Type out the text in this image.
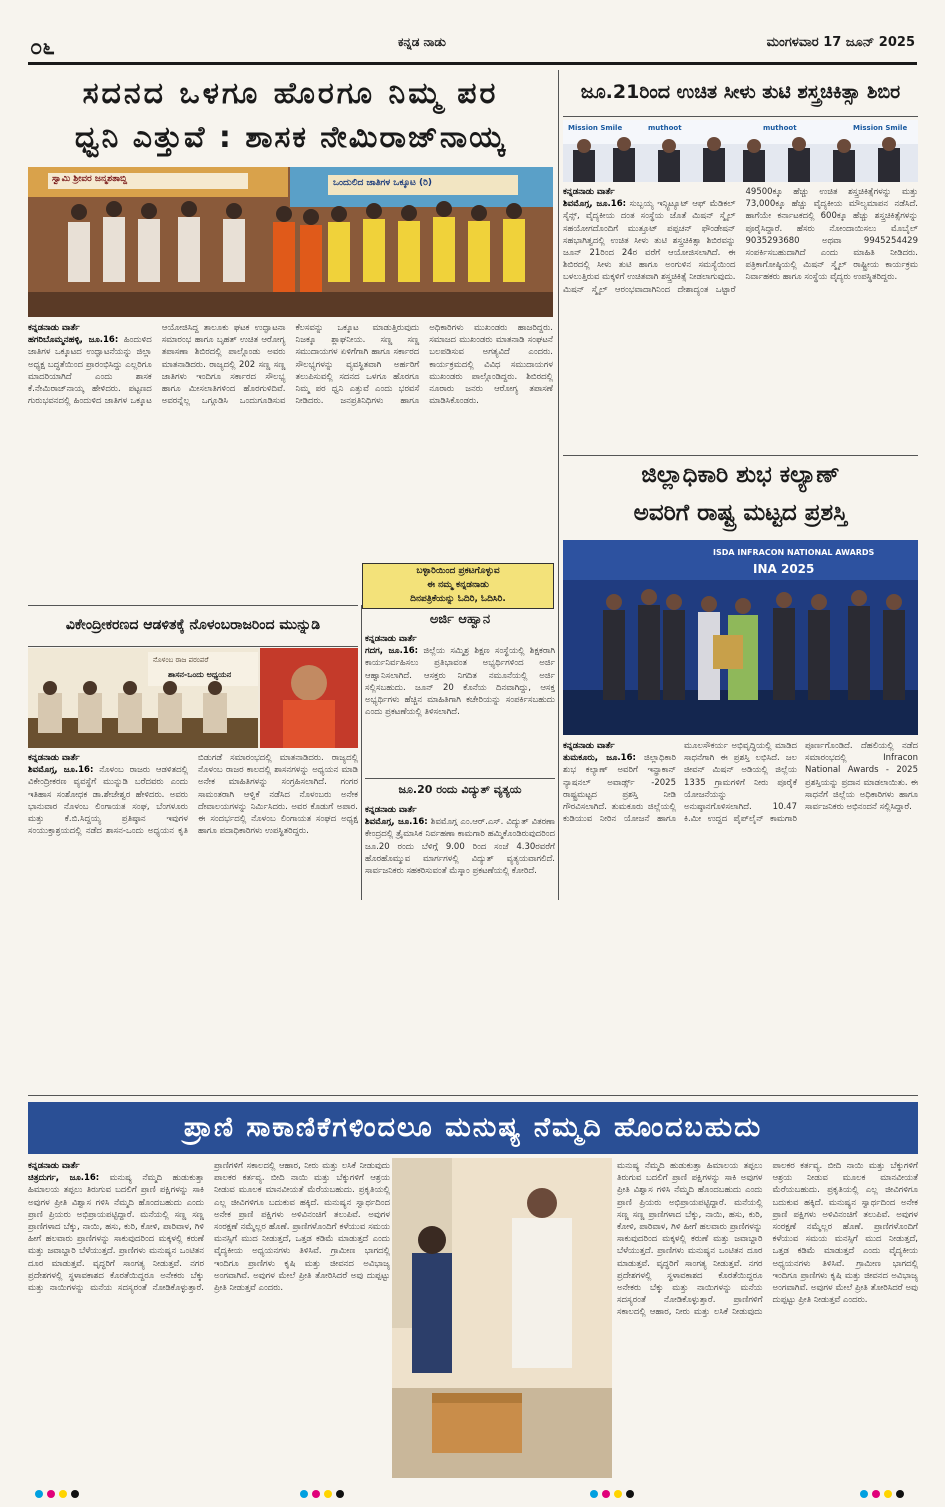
೦೬	ಕನ್ನಡ ನಾಡು	ಮಂಗಳವಾರ 17 ಜೂನ್ 2025
ಸದನದ ಒಳಗೂ ಹೊರಗೂ ನಿಮ್ಮ ಪರ
ಧ್ವನಿ ಎತ್ತುವೆ : ಶಾಸಕ ನೇಮಿರಾಜ್‌ನಾಯ್ಕ
ಸ್ವಾಮಿ ಶ್ರೀವರ ಜನ್ಮಶತಾಬ್ದಿ	ಒಂದುಲಿದ ಜಾತಿಗಳ ಒಕ್ಕೂಟ (ರಿ)
ಕನ್ನಡನಾಡು ವಾರ್ತೆ
ಹಗರಿಬೊಮ್ಮನಹಳ್ಳಿ, ಜೂ.16: ಹಿಂದುಳಿದ ಜಾತಿಗಳ ಒಕ್ಕೂಟದ ಉದ್ಘಾಟನೆಯನ್ನು ಜಿಲ್ಲಾ ಅಧ್ಯಕ್ಷ ಬದ್ಧತೆಯಿಂದ ಪ್ರಾರಂಭಿಸಿದ್ದು ಎಲ್ಲರಿಗೂ ಮಾದರಿಯಾಗಿದೆ ಎಂದು ಶಾಸಕ ಕೆ.ನೇಮಿರಾಜ್‌ನಾಯ್ಕ ಹೇಳಿದರು. ಪಟ್ಟಣದ ಗುರುಭವನದಲ್ಲಿ ಹಿಂದುಳಿದ ಜಾತಿಗಳ ಒಕ್ಕೂಟ ಆಯೋಜಿಸಿದ್ದ ತಾಲೂಕು ಘಟಕ ಉದ್ಘಾಟನಾ ಸಮಾರಂಭ ಹಾಗೂ ಬೃಹತ್ ಉಚಿತ ಆರೋಗ್ಯ ತಪಾಸಣಾ ಶಿಬಿರದಲ್ಲಿ ಪಾಲ್ಗೊಂಡು ಅವರು ಮಾತನಾಡಿದರು. ರಾಜ್ಯದಲ್ಲಿ 202 ಸಣ್ಣ ಸಣ್ಣ ಜಾತಿಗಳು ಇಂದಿಗೂ ಸರ್ಕಾರದ ಸೌಲಭ್ಯ ಹಾಗೂ ಮೀಸಲಾತಿಗಳಿಂದ ಹೊರಗುಳಿದಿವೆ. ಅವರನ್ನೆಲ್ಲ ಒಗ್ಗೂಡಿಸಿ ಒಂದುಗೂಡಿಸುವ ಕೆಲಸವನ್ನು ಒಕ್ಕೂಟ ಮಾಡುತ್ತಿರುವುದು ನಿಜಕ್ಕೂ ಶ್ಲಾಘನೀಯ. ಸಣ್ಣ ಸಣ್ಣ ಸಮುದಾಯಗಳ ಏಳಿಗೆಗಾಗಿ ಹಾಗೂ ಸರ್ಕಾರದ ಸೌಲಭ್ಯಗಳನ್ನು ವ್ಯವಸ್ಥಿತವಾಗಿ ಅರ್ಹರಿಗೆ ತಲುಪಿಸುವಲ್ಲಿ ಸದನದ ಒಳಗೂ ಹೊರಗೂ ನಿಮ್ಮ ಪರ ಧ್ವನಿ ಎತ್ತುವೆ ಎಂದು ಭರವಸೆ ನೀಡಿದರು. ಜನಪ್ರತಿನಿಧಿಗಳು ಹಾಗೂ ಅಧಿಕಾರಿಗಳು ಮುಖಂಡರು ಹಾಜರಿದ್ದರು. ಸಮಾಜದ ಮುಖಂಡರು ಮಾತನಾಡಿ ಸಂಘಟನೆ ಬಲಪಡಿಸುವ ಅಗತ್ಯವಿದೆ ಎಂದರು. ಕಾರ್ಯಕ್ರಮದಲ್ಲಿ ವಿವಿಧ ಸಮುದಾಯಗಳ ಮುಖಂಡರು ಪಾಲ್ಗೊಂಡಿದ್ದರು. ಶಿಬಿರದಲ್ಲಿ ನೂರಾರು ಜನರು ಆರೋಗ್ಯ ತಪಾಸಣೆ ಮಾಡಿಸಿಕೊಂಡರು.
ಜೂ.21ರಿಂದ ಉಚಿತ ಸೀಳು ತುಟಿ ಶಸ್ತ್ರಚಿಕಿತ್ಸಾ ಶಿಬಿರ
Mission Smile	muthoot	muthoot	Mission Smile
ಕನ್ನಡನಾಡು ವಾರ್ತೆ
ಶಿವಮೊಗ್ಗ, ಜೂ.16: ಸುಬ್ಬಯ್ಯ ಇನ್ಸ್ಟಿಟ್ಯೂಟ್ ಆಫ್ ಮೆಡಿಕಲ್ ಸೈನ್ಸ್, ವೈದ್ಯಕೀಯ ದಂತ ಸಂಸ್ಥೆಯ ಜೊತೆ ಮಿಷನ್ ಸ್ಮೈಲ್ ಸಹಯೋಗದೊಂದಿಗೆ ಮುತ್ತೂಟ್ ಪಪ್ಪಚನ್ ಫೌಂಡೇಷನ್ ಸಹಭಾಗಿತ್ವದಲ್ಲಿ ಉಚಿತ ಸೀಳು ತುಟಿ ಶಸ್ತ್ರಚಿಕಿತ್ಸಾ ಶಿಬಿರವನ್ನು ಜೂನ್ 21ರಿಂದ 24ರ ವರೆಗೆ ಆಯೋಜಿಸಲಾಗಿದೆ. ಈ ಶಿಬಿರದಲ್ಲಿ ಸೀಳು ತುಟಿ ಹಾಗೂ ಅಂಗುಳಿನ ಸಮಸ್ಯೆಯಿಂದ ಬಳಲುತ್ತಿರುವ ಮಕ್ಕಳಿಗೆ ಉಚಿತವಾಗಿ ಶಸ್ತ್ರಚಿಕಿತ್ಸೆ ನೀಡಲಾಗುವುದು. ಮಿಷನ್ ಸ್ಮೈಲ್ ಆರಂಭವಾದಾಗಿನಿಂದ ದೇಶಾದ್ಯಂತ ಒಟ್ಟಾರೆ 49500ಕ್ಕೂ ಹೆಚ್ಚು ಉಚಿತ ಶಸ್ತ್ರಚಿಕಿತ್ಸೆಗಳನ್ನು ಮತ್ತು 73,000ಕ್ಕೂ ಹೆಚ್ಚು ವೈದ್ಯಕೀಯ ಮೌಲ್ಯಮಾಪನ ನಡೆಸಿದೆ. ಹಾಗೆಯೇ ಕರ್ನಾಟಕದಲ್ಲಿ 600ಕ್ಕೂ ಹೆಚ್ಚು ಶಸ್ತ್ರಚಿಕಿತ್ಸೆಗಳನ್ನು ಪೂರೈಸಿದ್ದಾರೆ. ಹೆಸರು ನೋಂದಾಯಿಸಲು ಮೊಬೈಲ್ 9035293680 ಅಥವಾ 9945254429 ಸಂಪರ್ಕಿಸಬಹುದಾಗಿದೆ ಎಂದು ಮಾಹಿತಿ ನೀಡಿದರು. ಪತ್ರಿಕಾಗೋಷ್ಠಿಯಲ್ಲಿ ಮಿಷನ್ ಸ್ಮೈಲ್ ರಾಷ್ಟ್ರೀಯ ಕಾರ್ಯಕ್ರಮ ನಿರ್ವಾಹಕರು ಹಾಗೂ ಸಂಸ್ಥೆಯ ವೈದ್ಯರು ಉಪಸ್ಥಿತರಿದ್ದರು.
ಬಳ್ಳಾರಿಯಿಂದ ಪ್ರಕಟಗೊಳ್ಳುವ
ಈ ನಮ್ಮ ಕನ್ನಡನಾಡು
ದಿನಪತ್ರಿಕೆಯನ್ನು ಓದಿರಿ, ಓದಿಸಿರಿ.
ವಿಕೇಂದ್ರೀಕರಣದ ಆಡಳಿತಕ್ಕೆ ನೊಳಂಬರಾಜರಿಂದ ಮುನ್ನುಡಿ
ನೊಳಂಬ ರಾಜ ಪರಂಪರೆ
ಶಾಸನ-ಒಂದು ಅಧ್ಯಯನ
ಕನ್ನಡನಾಡು ವಾರ್ತೆ
ಶಿವಮೊಗ್ಗ, ಜೂ.16: ನೊಳಂಬ ರಾಜರು ಆಡಳಿತದಲ್ಲಿ ವಿಕೇಂದ್ರೀಕರಣ ವ್ಯವಸ್ಥೆಗೆ ಮುನ್ನುಡಿ ಬರೆದವರು ಎಂದು ಇತಿಹಾಸ ಸಂಶೋಧಕ ಡಾ.ಶೇಜೇಶ್ವರ ಹೇಳಿದರು. ಅವರು ಭಾನುವಾರ ನೊಳಂಬ ಲಿಂಗಾಯತ ಸಂಘ, ಬೆಂಗಳೂರು ಮತ್ತು ಕೆ.ಬಿ.ಸಿದ್ದಯ್ಯ ಪ್ರತಿಷ್ಠಾನ ಇವುಗಳ ಸಂಯುಕ್ತಾಶ್ರಯದಲ್ಲಿ ನಡೆದ ಶಾಸನ-ಒಂದು ಅಧ್ಯಯನ ಕೃತಿ ಬಿಡುಗಡೆ ಸಮಾರಂಭದಲ್ಲಿ ಮಾತನಾಡಿದರು. ರಾಜ್ಯದಲ್ಲಿ ನೊಳಂಬ ರಾಜರ ಕಾಲದಲ್ಲಿ ಶಾಸನಗಳನ್ನು ಅಧ್ಯಯನ ಮಾಡಿ ಅನೇಕ ಮಾಹಿತಿಗಳನ್ನು ಸಂಗ್ರಹಿಸಲಾಗಿದೆ. ಗಂಗರ ಸಾಮಂತರಾಗಿ ಆಳ್ವಿಕೆ ನಡೆಸಿದ ನೊಳಂಬರು ಅನೇಕ ದೇವಾಲಯಗಳನ್ನು ನಿರ್ಮಿಸಿದರು. ಅವರ ಕೊಡುಗೆ ಅಪಾರ. ಈ ಸಂದರ್ಭದಲ್ಲಿ ನೊಳಂಬ ಲಿಂಗಾಯತ ಸಂಘದ ಅಧ್ಯಕ್ಷ ಹಾಗೂ ಪದಾಧಿಕಾರಿಗಳು ಉಪಸ್ಥಿತರಿದ್ದರು.
ಅರ್ಜಿ ಆಹ್ವಾನ
ಕನ್ನಡನಾಡು ವಾರ್ತೆ
ಗದಗ, ಜೂ.16: ಜಿಲ್ಲೆಯ ಸಮ್ಮಿಶ್ರ ಶಿಕ್ಷಣ ಸಂಸ್ಥೆಯಲ್ಲಿ ಶಿಕ್ಷಕರಾಗಿ ಕಾರ್ಯನಿರ್ವಹಿಸಲು ಪ್ರತಿಭಾವಂತ ಅಭ್ಯರ್ಥಿಗಳಿಂದ ಅರ್ಜಿ ಆಹ್ವಾನಿಸಲಾಗಿದೆ. ಆಸಕ್ತರು ನಿಗದಿತ ನಮೂನೆಯಲ್ಲಿ ಅರ್ಜಿ ಸಲ್ಲಿಸಬಹುದು. ಜೂನ್ 20 ಕೊನೆಯ ದಿನವಾಗಿದ್ದು, ಆಸಕ್ತ ಅಭ್ಯರ್ಥಿಗಳು ಹೆಚ್ಚಿನ ಮಾಹಿತಿಗಾಗಿ ಕಚೇರಿಯನ್ನು ಸಂಪರ್ಕಿಸಬಹುದು ಎಂದು ಪ್ರಕಟಣೆಯಲ್ಲಿ ತಿಳಿಸಲಾಗಿದೆ.
ಜೂ.20 ರಂದು ವಿದ್ಯುತ್ ವ್ಯತ್ಯಯ
ಕನ್ನಡನಾಡು ವಾರ್ತೆ
ಶಿವಮೊಗ್ಗ, ಜೂ.16: ಶಿವಮೊಗ್ಗ ಎಂ.ಆರ್.ಎಸ್. ವಿದ್ಯುತ್ ವಿತರಣಾ ಕೇಂದ್ರದಲ್ಲಿ ತ್ರೈಮಾಸಿಕ ನಿರ್ವಹಣಾ ಕಾಮಗಾರಿ ಹಮ್ಮಿಕೊಂಡಿರುವುದರಿಂದ ಜೂ.20 ರಂದು ಬೆಳಿಗ್ಗೆ 9.00 ರಿಂದ ಸಂಜೆ 4.30ರವರೆಗೆ ಹೊರಹೊಮ್ಮುವ ಮಾರ್ಗಗಳಲ್ಲಿ ವಿದ್ಯುತ್ ವ್ಯತ್ಯಯವಾಗಲಿದೆ. ಸಾರ್ವಜನಿಕರು ಸಹಕರಿಸುವಂತೆ ಮೆಸ್ಕಾಂ ಪ್ರಕಟಣೆಯಲ್ಲಿ ಕೋರಿದೆ.
ಜಿಲ್ಲಾಧಿಕಾರಿ ಶುಭ ಕಲ್ಯಾಣ್
ಅವರಿಗೆ ರಾಷ್ಟ್ರ ಮಟ್ಟದ ಪ್ರಶಸ್ತಿ
ISDA INFRACON NATIONAL AWARDS
INA 2025
ಕನ್ನಡನಾಡು ವಾರ್ತೆ
ತುಮಕೂರು, ಜೂ.16: ಜಿಲ್ಲಾಧಿಕಾರಿ ಶುಭ ಕಲ್ಯಾಣ್ ಅವರಿಗೆ ಇನ್ಫ್ರಾಕಾನ್ ನ್ಯಾಷನಲ್ ಅವಾರ್ಡ್ಸ್ -2025 ರಾಷ್ಟ್ರಮಟ್ಟದ ಪ್ರಶಸ್ತಿ ನೀಡಿ ಗೌರವಿಸಲಾಗಿದೆ. ತುಮಕೂರು ಜಿಲ್ಲೆಯಲ್ಲಿ ಕುಡಿಯುವ ನೀರಿನ ಯೋಜನೆ ಹಾಗೂ ಮೂಲಸೌಕರ್ಯ ಅಭಿವೃದ್ಧಿಯಲ್ಲಿ ಮಾಡಿದ ಸಾಧನೆಗಾಗಿ ಈ ಪ್ರಶಸ್ತಿ ಲಭಿಸಿದೆ. ಜಲ ಜೀವನ್ ಮಿಷನ್ ಅಡಿಯಲ್ಲಿ ಜಿಲ್ಲೆಯ 1335 ಗ್ರಾಮಗಳಿಗೆ ನೀರು ಪೂರೈಕೆ ಯೋಜನೆಯನ್ನು ಅನುಷ್ಠಾನಗೊಳಿಸಲಾಗಿದೆ. 10.47 ಕಿ.ಮೀ ಉದ್ದದ ಪೈಪ್‌ಲೈನ್ ಕಾಮಗಾರಿ ಪೂರ್ಣಗೊಂಡಿದೆ. ದೆಹಲಿಯಲ್ಲಿ ನಡೆದ ಸಮಾರಂಭದಲ್ಲಿ Infracon National Awards - 2025 ಪ್ರಶಸ್ತಿಯನ್ನು ಪ್ರದಾನ ಮಾಡಲಾಯಿತು. ಈ ಸಾಧನೆಗೆ ಜಿಲ್ಲೆಯ ಅಧಿಕಾರಿಗಳು ಹಾಗೂ ಸಾರ್ವಜನಿಕರು ಅಭಿನಂದನೆ ಸಲ್ಲಿಸಿದ್ದಾರೆ.
ಪ್ರಾಣಿ ಸಾಕಾಣಿಕೆಗಳಿಂದಲೂ ಮನುಷ್ಯ ನೆಮ್ಮದಿ ಹೊಂದಬಹುದು
ಕನ್ನಡನಾಡು ವಾರ್ತೆ
ಚಿತ್ರದುರ್ಗ, ಜೂ.16: ಮನುಷ್ಯ ನೆಮ್ಮದಿ ಹುಡುಕುತ್ತಾ ಹಿಮಾಲಯ ತಪ್ಪಲು ತಿರುಗುವ ಬದಲಿಗೆ ಪ್ರಾಣಿ ಪಕ್ಷಿಗಳನ್ನು ಸಾಕಿ ಅವುಗಳ ಪ್ರೀತಿ ವಿಶ್ವಾಸ ಗಳಿಸಿ ನೆಮ್ಮದಿ ಹೊಂದಬಹುದು ಎಂದು ಪ್ರಾಣಿ ಪ್ರಿಯರು ಅಭಿಪ್ರಾಯಪಟ್ಟಿದ್ದಾರೆ. ಮನೆಯಲ್ಲಿ ಸಣ್ಣ ಸಣ್ಣ ಪ್ರಾಣಿಗಳಾದ ಬೆಕ್ಕು, ನಾಯಿ, ಹಸು, ಕುರಿ, ಕೋಳಿ, ಪಾರಿವಾಳ, ಗಿಳಿ ಹೀಗೆ ಹಲವಾರು ಪ್ರಾಣಿಗಳನ್ನು ಸಾಕುವುದರಿಂದ ಮಕ್ಕಳಲ್ಲಿ ಕರುಣೆ ಮತ್ತು ಜವಾಬ್ದಾರಿ ಬೆಳೆಯುತ್ತದೆ. ಪ್ರಾಣಿಗಳು ಮನುಷ್ಯನ ಒಂಟಿತನ ದೂರ ಮಾಡುತ್ತವೆ. ವೃದ್ಧರಿಗೆ ಸಾಂಗತ್ಯ ನೀಡುತ್ತವೆ. ನಗರ ಪ್ರದೇಶಗಳಲ್ಲಿ ಸ್ಥಳಾವಕಾಶದ ಕೊರತೆಯಿದ್ದರೂ ಅನೇಕರು ಬೆಕ್ಕು ಮತ್ತು ನಾಯಿಗಳನ್ನು ಮನೆಯ ಸದಸ್ಯರಂತೆ ನೋಡಿಕೊಳ್ಳುತ್ತಾರೆ. ಪ್ರಾಣಿಗಳಿಗೆ ಸಕಾಲದಲ್ಲಿ ಆಹಾರ, ನೀರು ಮತ್ತು ಲಸಿಕೆ ನೀಡುವುದು ಪಾಲಕರ ಕರ್ತವ್ಯ. ಬೀದಿ ನಾಯಿ ಮತ್ತು ಬೆಕ್ಕುಗಳಿಗೆ ಆಶ್ರಯ ನೀಡುವ ಮೂಲಕ ಮಾನವೀಯತೆ ಮೆರೆಯಬಹುದು. ಪ್ರಕೃತಿಯಲ್ಲಿ ಎಲ್ಲ ಜೀವಿಗಳಿಗೂ ಬದುಕುವ ಹಕ್ಕಿದೆ. ಮನುಷ್ಯನ ಸ್ವಾರ್ಥದಿಂದ ಅನೇಕ ಪ್ರಾಣಿ ಪಕ್ಷಿಗಳು ಅಳಿವಿನಂಚಿಗೆ ತಲುಪಿವೆ. ಅವುಗಳ ಸಂರಕ್ಷಣೆ ನಮ್ಮೆಲ್ಲರ ಹೊಣೆ. ಪ್ರಾಣಿಗಳೊಂದಿಗೆ ಕಳೆಯುವ ಸಮಯ ಮನಸ್ಸಿಗೆ ಮುದ ನೀಡುತ್ತದೆ, ಒತ್ತಡ ಕಡಿಮೆ ಮಾಡುತ್ತದೆ ಎಂದು ವೈದ್ಯಕೀಯ ಅಧ್ಯಯನಗಳು ತಿಳಿಸಿವೆ. ಗ್ರಾಮೀಣ ಭಾಗದಲ್ಲಿ ಇಂದಿಗೂ ಪ್ರಾಣಿಗಳು ಕೃಷಿ ಮತ್ತು ಜೀವನದ ಅವಿಭಾಜ್ಯ ಅಂಗವಾಗಿವೆ. ಅವುಗಳ ಮೇಲೆ ಪ್ರೀತಿ ತೋರಿಸಿದರೆ ಅವು ದುಪ್ಪಟ್ಟು ಪ್ರೀತಿ ನೀಡುತ್ತವೆ ಎಂದರು.
ಮನುಷ್ಯ ನೆಮ್ಮದಿ ಹುಡುಕುತ್ತಾ ಹಿಮಾಲಯ ತಪ್ಪಲು ತಿರುಗುವ ಬದಲಿಗೆ ಪ್ರಾಣಿ ಪಕ್ಷಿಗಳನ್ನು ಸಾಕಿ ಅವುಗಳ ಪ್ರೀತಿ ವಿಶ್ವಾಸ ಗಳಿಸಿ ನೆಮ್ಮದಿ ಹೊಂದಬಹುದು ಎಂದು ಪ್ರಾಣಿ ಪ್ರಿಯರು ಅಭಿಪ್ರಾಯಪಟ್ಟಿದ್ದಾರೆ. ಮನೆಯಲ್ಲಿ ಸಣ್ಣ ಸಣ್ಣ ಪ್ರಾಣಿಗಳಾದ ಬೆಕ್ಕು, ನಾಯಿ, ಹಸು, ಕುರಿ, ಕೋಳಿ, ಪಾರಿವಾಳ, ಗಿಳಿ ಹೀಗೆ ಹಲವಾರು ಪ್ರಾಣಿಗಳನ್ನು ಸಾಕುವುದರಿಂದ ಮಕ್ಕಳಲ್ಲಿ ಕರುಣೆ ಮತ್ತು ಜವಾಬ್ದಾರಿ ಬೆಳೆಯುತ್ತದೆ. ಪ್ರಾಣಿಗಳು ಮನುಷ್ಯನ ಒಂಟಿತನ ದೂರ ಮಾಡುತ್ತವೆ. ವೃದ್ಧರಿಗೆ ಸಾಂಗತ್ಯ ನೀಡುತ್ತವೆ. ನಗರ ಪ್ರದೇಶಗಳಲ್ಲಿ ಸ್ಥಳಾವಕಾಶದ ಕೊರತೆಯಿದ್ದರೂ ಅನೇಕರು ಬೆಕ್ಕು ಮತ್ತು ನಾಯಿಗಳನ್ನು ಮನೆಯ ಸದಸ್ಯರಂತೆ ನೋಡಿಕೊಳ್ಳುತ್ತಾರೆ. ಪ್ರಾಣಿಗಳಿಗೆ ಸಕಾಲದಲ್ಲಿ ಆಹಾರ, ನೀರು ಮತ್ತು ಲಸಿಕೆ ನೀಡುವುದು ಪಾಲಕರ ಕರ್ತವ್ಯ. ಬೀದಿ ನಾಯಿ ಮತ್ತು ಬೆಕ್ಕುಗಳಿಗೆ ಆಶ್ರಯ ನೀಡುವ ಮೂಲಕ ಮಾನವೀಯತೆ ಮೆರೆಯಬಹುದು. ಪ್ರಕೃತಿಯಲ್ಲಿ ಎಲ್ಲ ಜೀವಿಗಳಿಗೂ ಬದುಕುವ ಹಕ್ಕಿದೆ. ಮನುಷ್ಯನ ಸ್ವಾರ್ಥದಿಂದ ಅನೇಕ ಪ್ರಾಣಿ ಪಕ್ಷಿಗಳು ಅಳಿವಿನಂಚಿಗೆ ತಲುಪಿವೆ. ಅವುಗಳ ಸಂರಕ್ಷಣೆ ನಮ್ಮೆಲ್ಲರ ಹೊಣೆ. ಪ್ರಾಣಿಗಳೊಂದಿಗೆ ಕಳೆಯುವ ಸಮಯ ಮನಸ್ಸಿಗೆ ಮುದ ನೀಡುತ್ತದೆ, ಒತ್ತಡ ಕಡಿಮೆ ಮಾಡುತ್ತದೆ ಎಂದು ವೈದ್ಯಕೀಯ ಅಧ್ಯಯನಗಳು ತಿಳಿಸಿವೆ. ಗ್ರಾಮೀಣ ಭಾಗದಲ್ಲಿ ಇಂದಿಗೂ ಪ್ರಾಣಿಗಳು ಕೃಷಿ ಮತ್ತು ಜೀವನದ ಅವಿಭಾಜ್ಯ ಅಂಗವಾಗಿವೆ. ಅವುಗಳ ಮೇಲೆ ಪ್ರೀತಿ ತೋರಿಸಿದರೆ ಅವು ದುಪ್ಪಟ್ಟು ಪ್ರೀತಿ ನೀಡುತ್ತವೆ ಎಂದರು.
